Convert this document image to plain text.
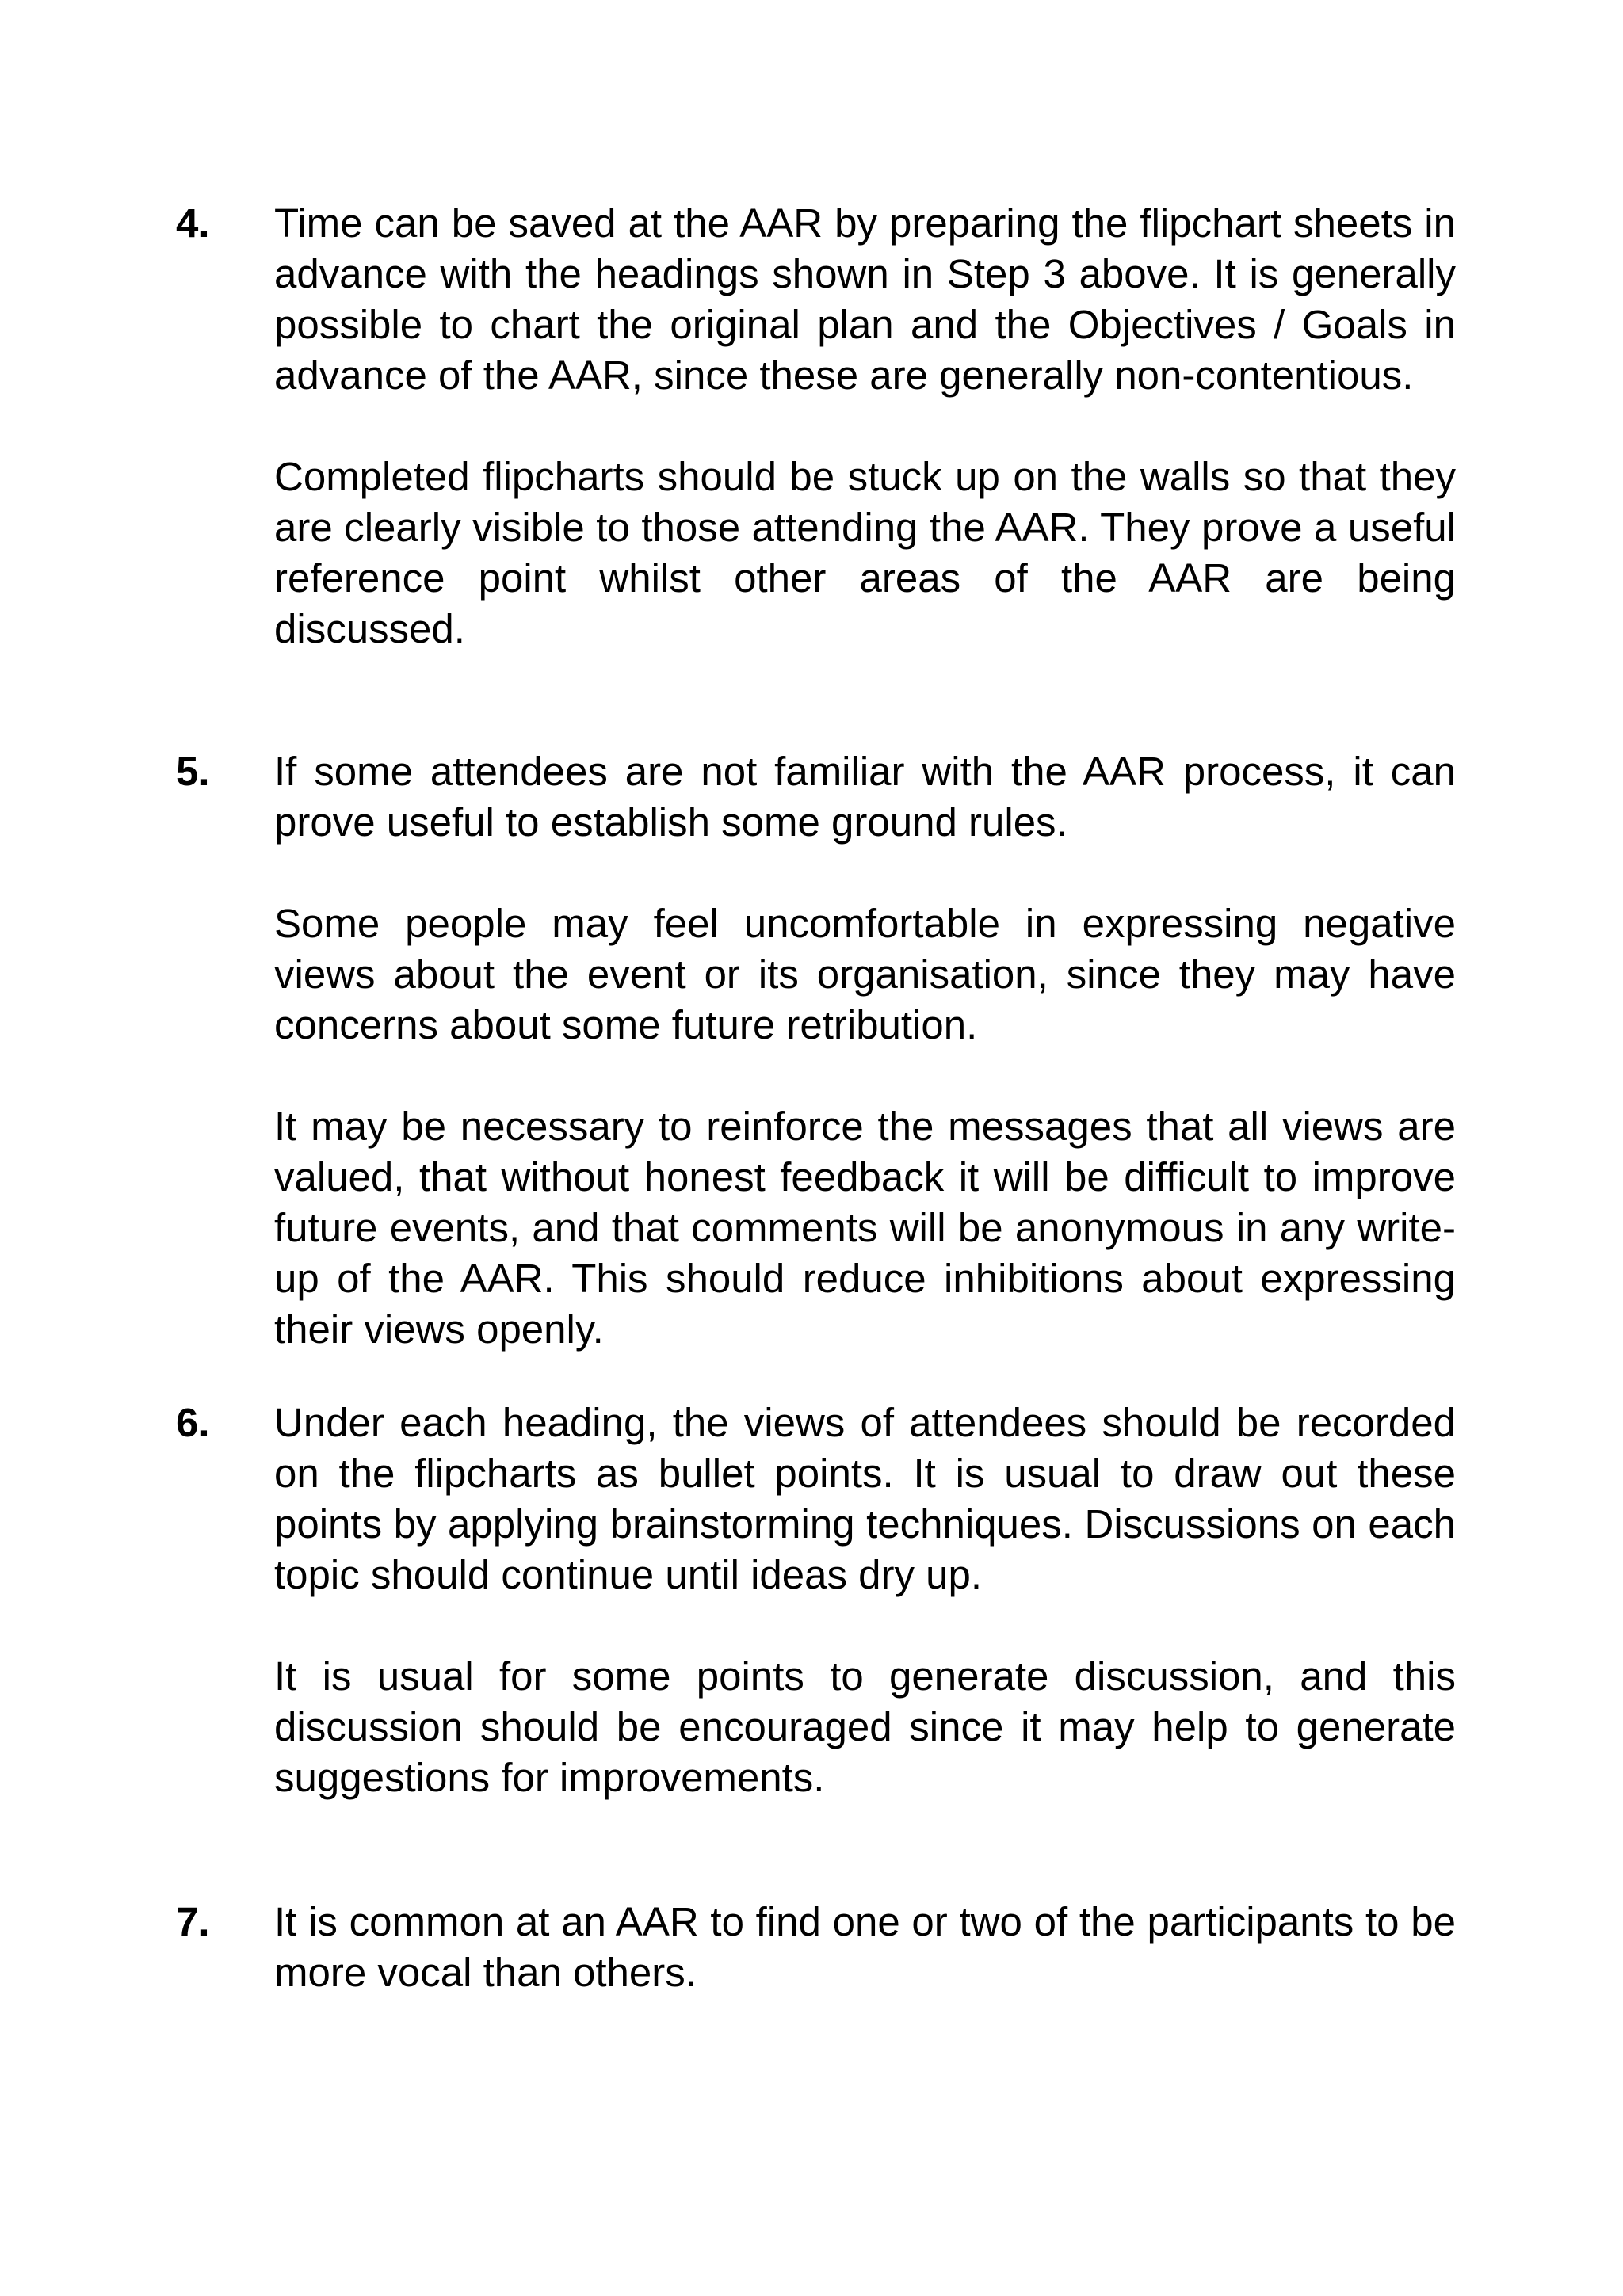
4. Time can be saved at the AAR by preparing the flipchart sheets in advance with the headings shown in Step 3 above. It is generally possible to chart the original plan and the Objectives / Goals in advance of the AAR, since these are generally non-contentious.

Completed flipcharts should be stuck up on the walls so that they are clearly visible to those attending the AAR. They prove a useful reference point whilst other areas of the AAR are being discussed.

5. If some attendees are not familiar with the AAR process, it can prove useful to establish some ground rules.

Some people may feel uncomfortable in expressing negative views about the event or its organisation, since they may have concerns about some future retribution.

It may be necessary to reinforce the messages that all views are valued, that without honest feedback it will be difficult to improve future events, and that comments will be anonymous in any write-up of the AAR. This should reduce inhibitions about expressing their views openly.

6. Under each heading, the views of attendees should be recorded on the flipcharts as bullet points. It is usual to draw out these points by applying brainstorming techniques. Discussions on each topic should continue until ideas dry up.

It is usual for some points to generate discussion, and this discussion should be encouraged since it may help to generate suggestions for improvements.

7. It is common at an AAR to find one or two of the participants to be more vocal than others.
